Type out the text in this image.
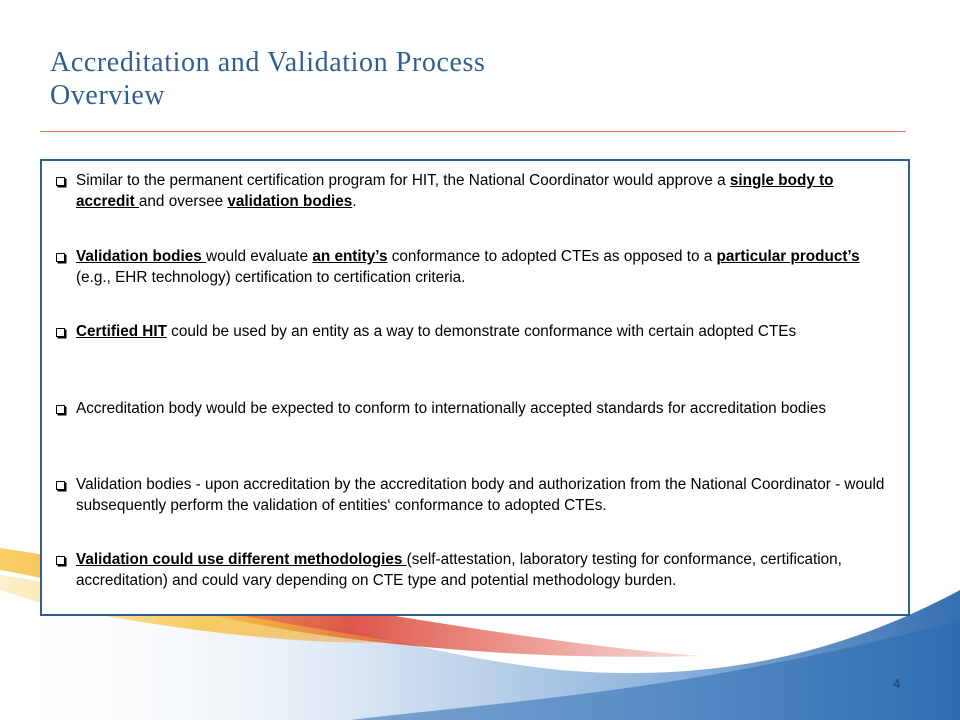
Accreditation and Validation Process
Overview
Similar to the permanent certification program for HIT, the National Coordinator would approve a single body to accredit and oversee validation bodies.
Validation bodies would evaluate an entity’s conformance to adopted CTEs as opposed to a particular product’s (e.g., EHR technology) certification to certification criteria.
Certified HIT could be used by an entity as a way to demonstrate conformance with certain adopted CTEs
Accreditation body would be expected to conform to internationally accepted standards for accreditation bodies
Validation bodies - upon accreditation by the accreditation body and authorization from the National Coordinator - would subsequently perform the validation of entities‘ conformance to adopted CTEs.
Validation could use different methodologies (self-attestation, laboratory testing for conformance, certification, accreditation) and could vary depending on CTE type and potential methodology burden.
4
